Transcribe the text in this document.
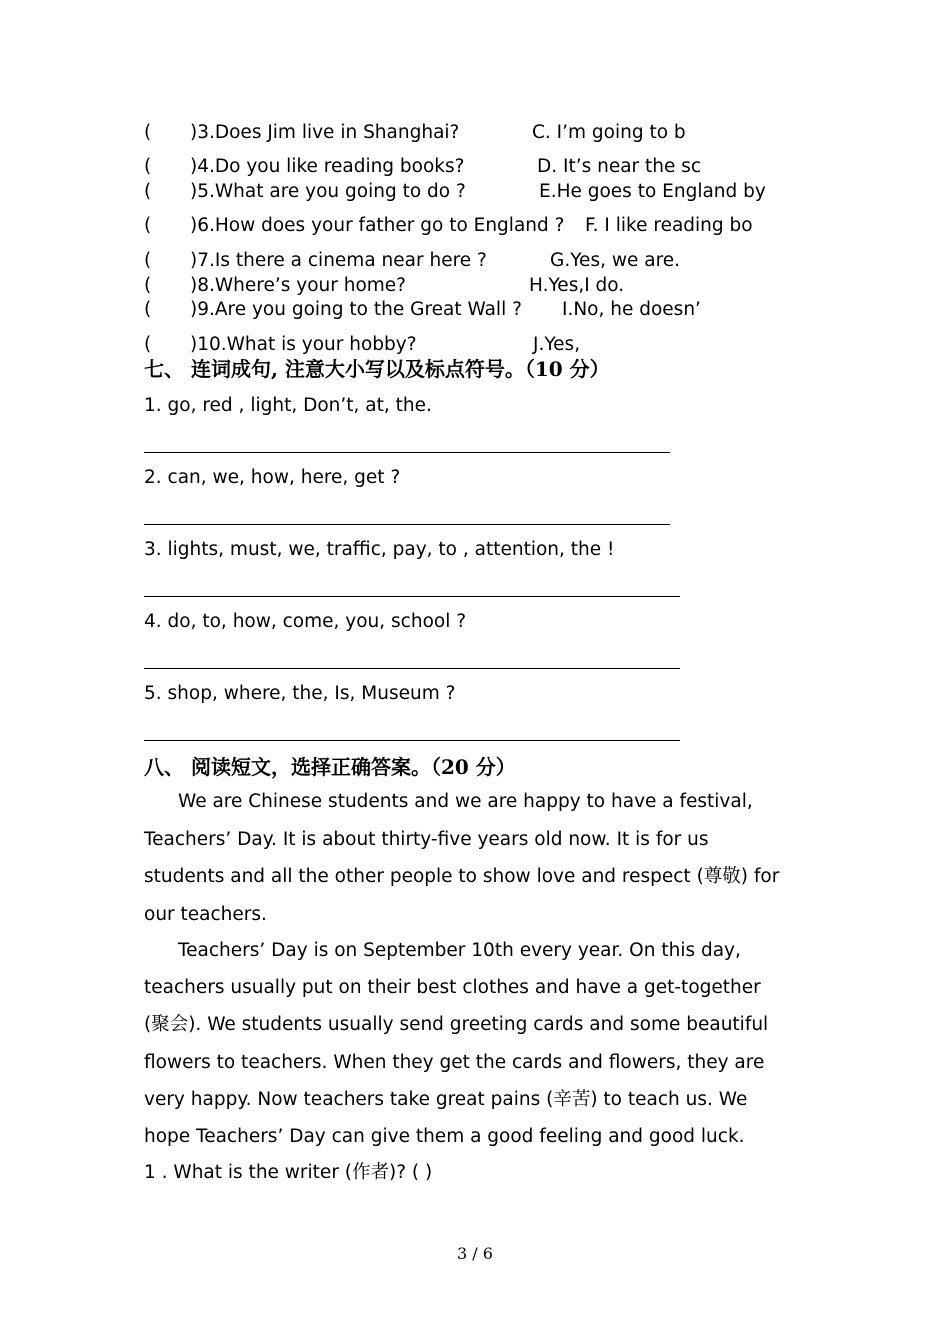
( )3.Does Jim live in Shanghai?	C. I’m going to b
( )4.Do you like reading books?	D. It’s near the sc
( )5.What are you going to do ?	E.He goes to England by
( )6.How does your father go to England ? F. I like reading bo
( )7.Is there a cinema near here ?	G.Yes, we are.
( )8.Where’s your home?	H.Yes,I do.
( )9.Are you going to the Great Wall ? I.No, he doesn’
( )10.What is your hobby?	J.Yes,
七、 连词成句, 注意大小写以及标点符号。（10 分）
1. go, red , light, Don’t, at, the.
2. can, we, how, here, get ?
3. lights, must, we, traffic, pay, to , attention, the !
4. do, to, how, come, you, school ?
5. shop, where, the, Is, Museum ?
八、 阅读短文，选择正确答案。（20 分）
We are Chinese students and we are happy to have a festival,
Teachers’ Day. It is about thirty-five years old now. It is for us
students and all the other people to show love and respect (尊敬) for
our teachers.
Teachers’ Day is on September 10th every year. On this day,
teachers usually put on their best clothes and have a get-together
(聚会). We students usually send greeting cards and some beautiful
flowers to teachers. When they get the cards and flowers, they are
very happy. Now teachers take great pains (辛苦) to teach us. We
hope Teachers’ Day can give them a good feeling and good luck.
1 . What is the writer (作者)? ( )
3 / 6
